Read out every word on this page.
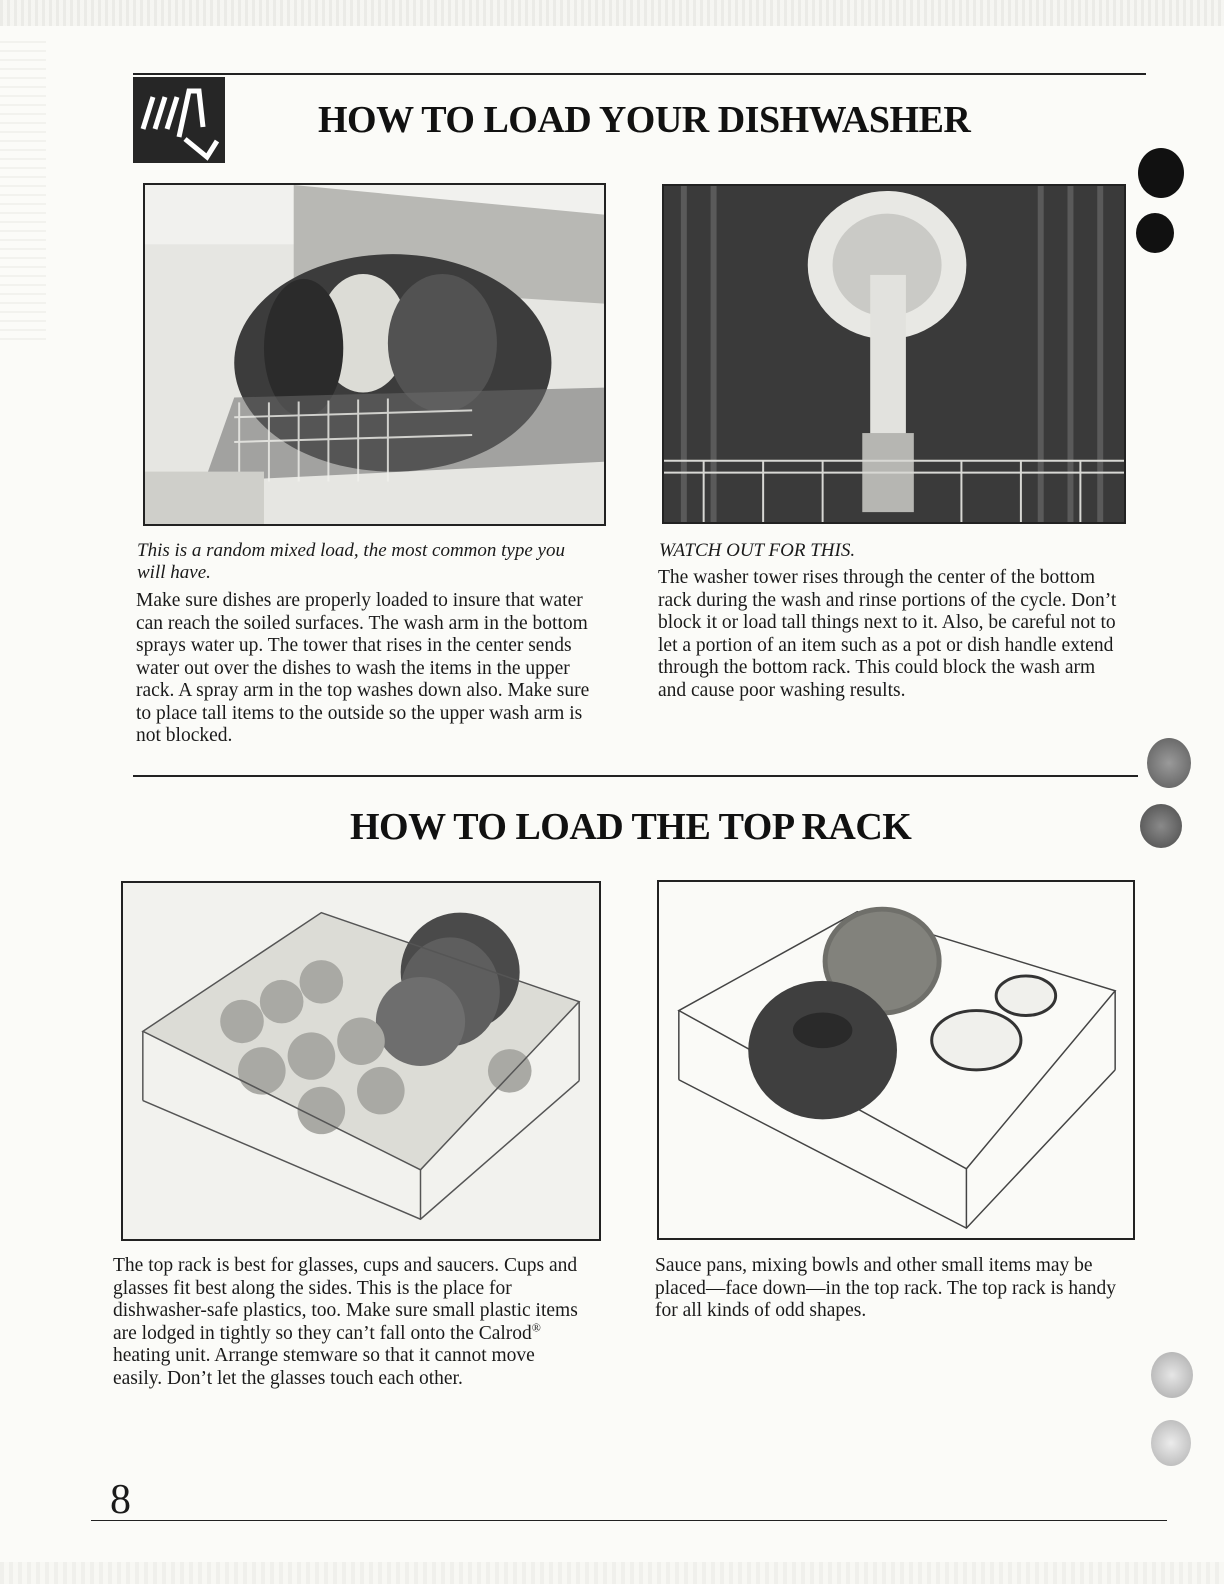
HOW TO LOAD YOUR DISHWASHER

This is a random mixed load, the most common type you will have.

Make sure dishes are properly loaded to insure that water can reach the soiled surfaces. The wash arm in the bottom sprays water up. The tower that rises in the center sends water out over the dishes to wash the items in the upper rack. A spray arm in the top washes down also. Make sure to place tall items to the outside so the upper wash arm is not blocked.

WATCH OUT FOR THIS.

The washer tower rises through the center of the bottom rack during the wash and rinse portions of the cycle. Don’t block it or load tall things next to it. Also, be careful not to let a portion of an item such as a pot or dish handle extend through the bottom rack. This could block the wash arm and cause poor washing results.

HOW TO LOAD THE TOP RACK

The top rack is best for glasses, cups and saucers. Cups and glasses fit best along the sides. This is the place for dishwasher-safe plastics, too. Make sure small plastic items are lodged in tightly so they can’t fall onto the Calrod® heating unit. Arrange stemware so that it cannot move easily. Don’t let the glasses touch each other.

Sauce pans, mixing bowls and other small items may be placed—face down—in the top rack. The top rack is handy for all kinds of odd shapes.

8
